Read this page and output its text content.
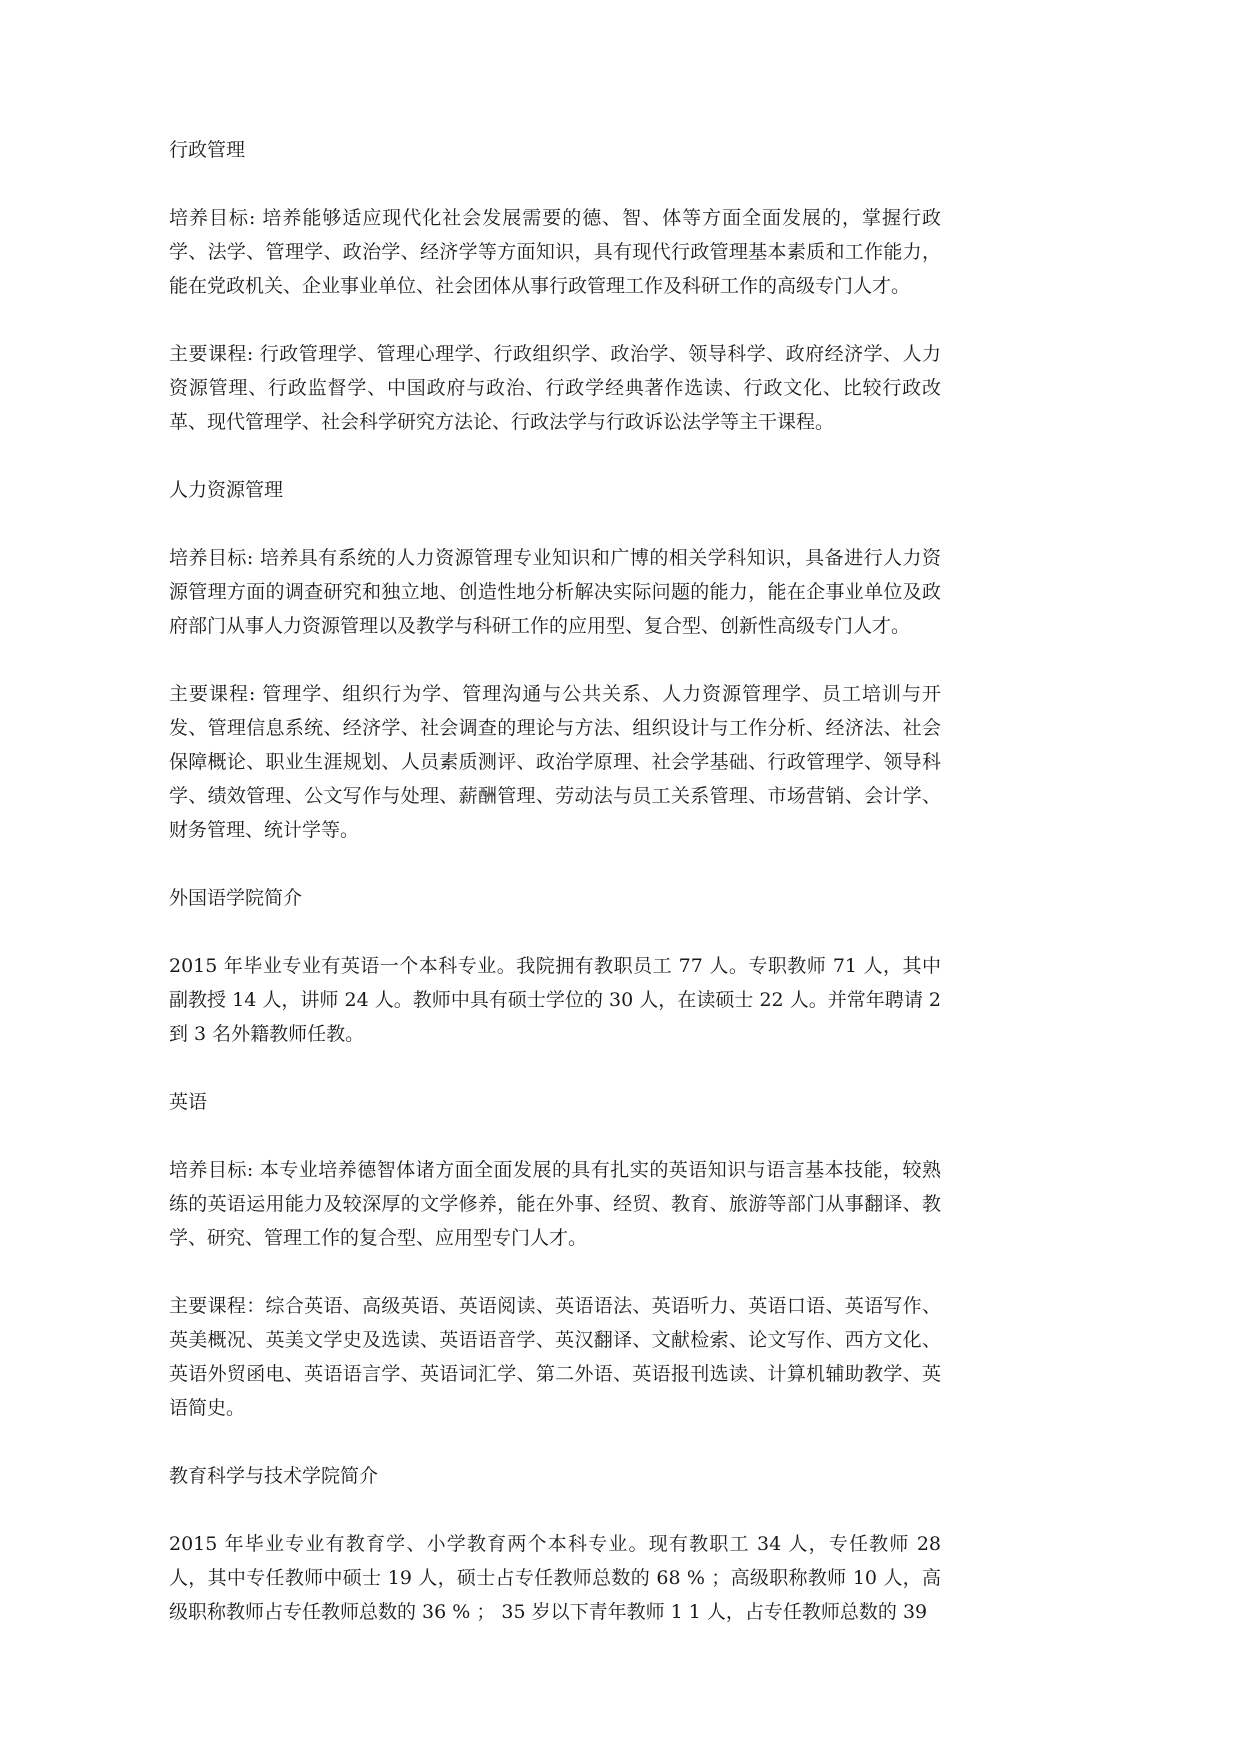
行政管理

培养目标: 培养能够适应现代化社会发展需要的德、智、体等方面全面发展的，掌握行政学、法学、管理学、政治学、经济学等方面知识，具有现代行政管理基本素质和工作能力，能在党政机关、企业事业单位、社会团体从事行政管理工作及科研工作的高级专门人才。

主要课程: 行政管理学、管理心理学、行政组织学、政治学、领导科学、政府经济学、人力资源管理、行政监督学、中国政府与政治、行政学经典著作选读、行政文化、比较行政改革、现代管理学、社会科学研究方法论、行政法学与行政诉讼法学等主干课程。

人力资源管理

培养目标: 培养具有系统的人力资源管理专业知识和广博的相关学科知识，具备进行人力资源管理方面的调查研究和独立地、创造性地分析解决实际问题的能力，能在企事业单位及政府部门从事人力资源管理以及教学与科研工作的应用型、复合型、创新性高级专门人才。

主要课程: 管理学、组织行为学、管理沟通与公共关系、人力资源管理学、员工培训与开发、管理信息系统、经济学、社会调查的理论与方法、组织设计与工作分析、经济法、社会保障概论、职业生涯规划、人员素质测评、政治学原理、社会学基础、行政管理学、领导科学、绩效管理、公文写作与处理、薪酬管理、劳动法与员工关系管理、市场营销、会计学、财务管理、统计学等。

外国语学院简介

2015 年毕业专业有英语一个本科专业。我院拥有教职员工 77 人。专职教师 71 人，其中副教授 14 人，讲师 24 人。教师中具有硕士学位的 30 人，在读硕士 22 人。并常年聘请 2 到 3 名外籍教师任教。

英语

培养目标: 本专业培养德智体诸方面全面发展的具有扎实的英语知识与语言基本技能，较熟练的英语运用能力及较深厚的文学修养，能在外事、经贸、教育、旅游等部门从事翻译、教学、研究、管理工作的复合型、应用型专门人才。

主要课程：综合英语、高级英语、英语阅读、英语语法、英语听力、英语口语、英语写作、英美概况、英美文学史及选读、英语语音学、英汉翻译、文献检索、论文写作、西方文化、英语外贸函电、英语语言学、英语词汇学、第二外语、英语报刊选读、计算机辅助教学、英语简史。

教育科学与技术学院简介

2015 年毕业专业有教育学、小学教育两个本科专业。现有教职工 34 人，专任教师 28 人，其中专任教师中硕士 19 人，硕士占专任教师总数的 68 % ；高级职称教师 10 人，高级职称教师占专任教师总数的 36 % ； 35 岁以下青年教师 1 1 人，占专任教师总数的 39
